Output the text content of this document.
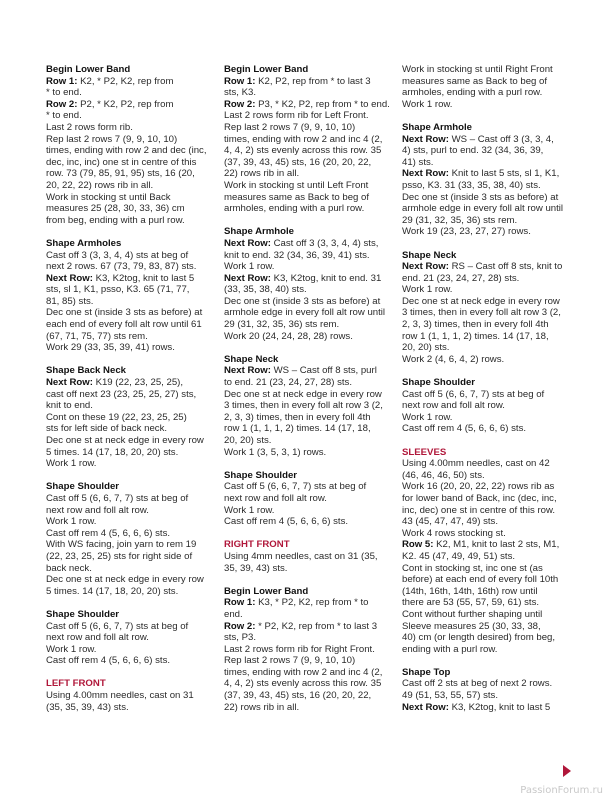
Begin Lower Band

Row 1: K2, * P2, K2, rep from

* to end.

Row 2: P2, * K2, P2, rep from

* to end.

Last 2 rows form rib.

Rep last 2 rows 7 (9, 9, 10, 10)

times, ending with row 2 and dec (inc,

dec, inc, inc) one st in centre of this

row. 73 (79, 85, 91, 95) sts, 16 (20,

20, 22, 22) rows rib in all.

Work in stocking st until Back

measures 25 (28, 30, 33, 36) cm

from beg, ending with a purl row.

Shape Armholes

Cast off 3 (3, 3, 4, 4) sts at beg of

next 2 rows. 67 (73, 79, 83, 87) sts.

Next Row: K3, K2tog, knit to last 5

sts, sl 1, K1, psso, K3. 65 (71, 77,

81, 85) sts.

Dec one st (inside 3 sts as before) at

each end of every foll alt row until 61

(67, 71, 75, 77) sts rem.

Work 29 (33, 35, 39, 41) rows.

Shape Back Neck

Next Row: K19 (22, 23, 25, 25),

cast off next 23 (23, 25, 25, 27) sts,

knit to end.

Cont on these 19 (22, 23, 25, 25)

sts for left side of back neck.

Dec one st at neck edge in every row

5 times. 14 (17, 18, 20, 20) sts.

Work 1 row.

Shape Shoulder

Cast off 5 (6, 6, 7, 7) sts at beg of

next row and foll alt row.

Work 1 row.

Cast off rem 4 (5, 6, 6, 6) sts.

With WS facing, join yarn to rem 19

(22, 23, 25, 25) sts for right side of

back neck.

Dec one st at neck edge in every row

5 times. 14 (17, 18, 20, 20) sts.

Shape Shoulder

Cast off 5 (6, 6, 7, 7) sts at beg of

next row and foll alt row.

Work 1 row.

Cast off rem 4 (5, 6, 6, 6) sts.

LEFT FRONT

Using 4.00mm needles, cast on 31

(35, 35, 39, 43) sts.

Begin Lower Band

Row 1: K2, P2, rep from * to last 3

sts, K3.

Row 2: P3, * K2, P2, rep from * to end.

Last 2 rows form rib for Left Front.

Rep last 2 rows 7 (9, 9, 10, 10)

times, ending with row 2 and inc 4 (2,

4, 4, 2) sts evenly across this row. 35

(37, 39, 43, 45) sts, 16 (20, 20, 22,

22) rows rib in all.

Work in stocking st until Left Front

measures same as Back to beg of

armholes, ending with a purl row.

Shape Armhole

Next Row: Cast off 3 (3, 3, 4, 4) sts,

knit to end. 32 (34, 36, 39, 41) sts.

Work 1 row.

Next Row: K3, K2tog, knit to end. 31

(33, 35, 38, 40) sts.

Dec one st (inside 3 sts as before) at

armhole edge in every foll alt row until

29 (31, 32, 35, 36) sts rem.

Work 20 (24, 24, 28, 28) rows.

Shape Neck

Next Row: WS – Cast off 8 sts, purl

to end. 21 (23, 24, 27, 28) sts.

Dec one st at neck edge in every row

3 times, then in every foll alt row 3 (2,

2, 3, 3) times, then in every foll 4th

row 1 (1, 1, 1, 2) times. 14 (17, 18,

20, 20) sts.

Work 1 (3, 5, 3, 1) rows.

Shape Shoulder

Cast off 5 (6, 6, 7, 7) sts at beg of

next row and foll alt row.

Work 1 row.

Cast off rem 4 (5, 6, 6, 6) sts.

RIGHT FRONT

Using 4mm needles, cast on 31 (35,

35, 39, 43) sts.

Begin Lower Band

Row 1: K3, * P2, K2, rep from * to

end.

Row 2: * P2, K2, rep from * to last 3

sts, P3.

Last 2 rows form rib for Right Front.

Rep last 2 rows 7 (9, 9, 10, 10)

times, ending with row 2 and inc 4 (2,

4, 4, 2) sts evenly across this row. 35

(37, 39, 43, 45) sts, 16 (20, 20, 22,

22) rows rib in all.

Work in stocking st until Right Front

measures same as Back to beg of

armholes, ending with a purl row.

Work 1 row.

Shape Armhole

Next Row: WS – Cast off 3 (3, 3, 4,

4) sts, purl to end. 32 (34, 36, 39,

41) sts.

Next Row: Knit to last 5 sts, sl 1, K1,

psso, K3. 31 (33, 35, 38, 40) sts.

Dec one st (inside 3 sts as before) at

armhole edge in every foll alt row until

29 (31, 32, 35, 36) sts rem.

Work 19 (23, 23, 27, 27) rows.

Shape Neck

Next Row: RS – Cast off 8 sts, knit to

end. 21 (23, 24, 27, 28) sts.

Work 1 row.

Dec one st at neck edge in every row

3 times, then in every foll alt row 3 (2,

2, 3, 3) times, then in every foll 4th

row 1 (1, 1, 1, 2) times. 14 (17, 18,

20, 20) sts.

Work 2 (4, 6, 4, 2) rows.

Shape Shoulder

Cast off 5 (6, 6, 7, 7) sts at beg of

next row and foll alt row.

Work 1 row.

Cast off rem 4 (5, 6, 6, 6) sts.

SLEEVES

Using 4.00mm needles, cast on 42

(46, 46, 46, 50) sts.

Work 16 (20, 20, 22, 22) rows rib as

for lower band of Back, inc (dec, inc,

inc, dec) one st in centre of this row.

43 (45, 47, 47, 49) sts.

Work 4 rows stocking st.

Row 5: K2, M1, knit to last 2 sts, M1,

K2. 45 (47, 49, 49, 51) sts.

Cont in stocking st, inc one st (as

before) at each end of every foll 10th

(14th, 16th, 14th, 16th) row until

there are 53 (55, 57, 59, 61) sts.

Cont without further shaping until

Sleeve measures 25 (30, 33, 38,

40) cm (or length desired) from beg,

ending with a purl row.

Shape Top

Cast off 2 sts at beg of next 2 rows.

49 (51, 53, 55, 57) sts.

Next Row: K3, K2tog, knit to last 5

PassionForum.ru
